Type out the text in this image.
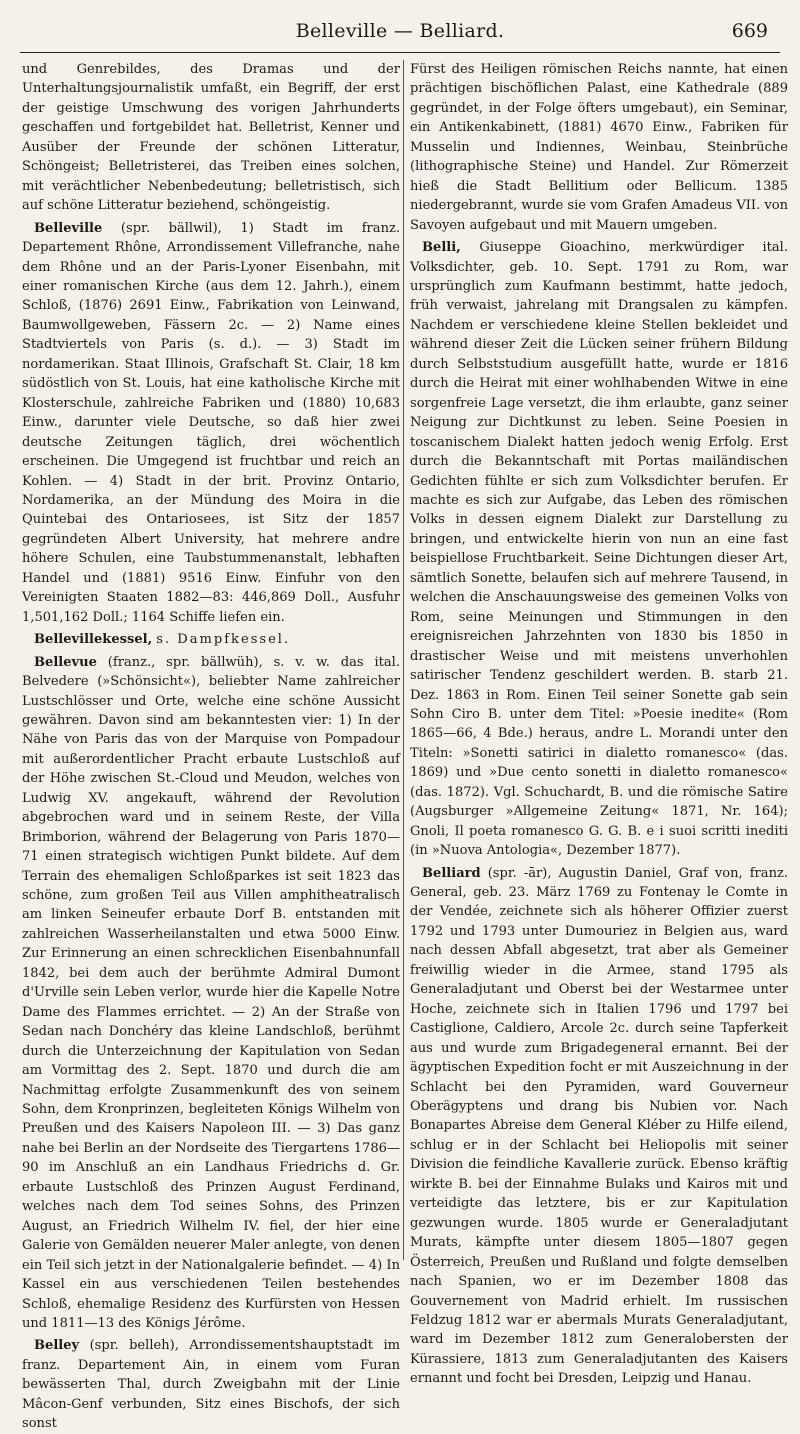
Belleville — Belliard.	669

und Genrebildes, des Dramas und der Unterhaltungsjournalistik umfaßt, ein Begriff, der erst der geistige Umschwung des vorigen Jahrhunderts geschaffen und fortgebildet hat. Belletrist, Kenner und Ausüber der Freunde der schönen Litteratur, Schöngeist; Belletristerei, das Treiben eines solchen, mit verächtlicher Nebenbedeutung; belletristisch, sich auf schöne Litteratur beziehend, schöngeistig.

Belleville (spr. bällwil), 1) Stadt im franz. Departement Rhône, Arrondissement Villefranche, nahe dem Rhône und an der Paris-Lyoner Eisenbahn, mit einer romanischen Kirche (aus dem 12. Jahrh.), einem Schloß, (1876) 2691 Einw., Fabrikation von Leinwand, Baumwollgeweben, Fässern 2c. — 2) Name eines Stadtviertels von Paris (s. d.). — 3) Stadt im nordamerikan. Staat Illinois, Grafschaft St. Clair, 18 km südöstlich von St. Louis, hat eine katholische Kirche mit Klosterschule, zahlreiche Fabriken und (1880) 10,683 Einw., darunter viele Deutsche, so daß hier zwei deutsche Zeitungen täglich, drei wöchentlich erscheinen. Die Umgegend ist fruchtbar und reich an Kohlen. — 4) Stadt in der brit. Provinz Ontario, Nordamerika, an der Mündung des Moira in die Quintebai des Ontariosees, ist Sitz der 1857 gegründeten Albert University, hat mehrere andre höhere Schulen, eine Taubstummenanstalt, lebhaften Handel und (1881) 9516 Einw. Einfuhr von den Vereinigten Staaten 1882—83: 446,869 Doll., Ausfuhr 1,501,162 Doll.; 1164 Schiffe liefen ein.

Bellevillekessel, s. Dampfkessel.

Bellevue (franz., spr. bällwüh), s. v. w. das ital. Belvedere (»Schönsicht«), beliebter Name zahlreicher Lustschlösser und Orte, welche eine schöne Aussicht gewähren. Davon sind am bekanntesten vier: 1) In der Nähe von Paris das von der Marquise von Pompadour mit außerordentlicher Pracht erbaute Lustschloß auf der Höhe zwischen St.-Cloud und Meudon, welches von Ludwig XV. angekauft, während der Revolution abgebrochen ward und in seinem Reste, der Villa Brimborion, während der Belagerung von Paris 1870—71 einen strategisch wichtigen Punkt bildete. Auf dem Terrain des ehemaligen Schloßparkes ist seit 1823 das schöne, zum großen Teil aus Villen amphitheatralisch am linken Seineufer erbaute Dorf B. entstanden mit zahlreichen Wasserheilanstalten und etwa 5000 Einw. Zur Erinnerung an einen schrecklichen Eisenbahnunfall 1842, bei dem auch der berühmte Admiral Dumont d'Urville sein Leben verlor, wurde hier die Kapelle Notre Dame des Flammes errichtet. — 2) An der Straße von Sedan nach Donchéry das kleine Landschloß, berühmt durch die Unterzeichnung der Kapitulation von Sedan am Vormittag des 2. Sept. 1870 und durch die am Nachmittag erfolgte Zusammenkunft des von seinem Sohn, dem Kronprinzen, begleiteten Königs Wilhelm von Preußen und des Kaisers Napoleon III. — 3) Das ganz nahe bei Berlin an der Nordseite des Tiergartens 1786—90 im Anschluß an ein Landhaus Friedrichs d. Gr. erbaute Lustschloß des Prinzen August Ferdinand, welches nach dem Tod seines Sohns, des Prinzen August, an Friedrich Wilhelm IV. fiel, der hier eine Galerie von Gemälden neuerer Maler anlegte, von denen ein Teil sich jetzt in der Nationalgalerie befindet. — 4) In Kassel ein aus verschiedenen Teilen bestehendes Schloß, ehemalige Residenz des Kurfürsten von Hessen und 1811—13 des Königs Jérôme.

Belley (spr. belleh), Arrondissementshauptstadt im franz. Departement Ain, in einem vom Furan bewässerten Thal, durch Zweigbahn mit der Linie Mâcon-Genf verbunden, Sitz eines Bischofs, der sich sonst

Fürst des Heiligen römischen Reichs nannte, hat einen prächtigen bischöflichen Palast, eine Kathedrale (889 gegründet, in der Folge öfters umgebaut), ein Seminar, ein Antikenkabinett, (1881) 4670 Einw., Fabriken für Musselin und Indiennes, Weinbau, Steinbrüche (lithographische Steine) und Handel. Zur Römerzeit hieß die Stadt Bellitium oder Bellicum. 1385 niedergebrannt, wurde sie vom Grafen Amadeus VII. von Savoyen aufgebaut und mit Mauern umgeben.

Belli, Giuseppe Gioachino, merkwürdiger ital. Volksdichter, geb. 10. Sept. 1791 zu Rom, war ursprünglich zum Kaufmann bestimmt, hatte jedoch, früh verwaist, jahrelang mit Drangsalen zu kämpfen. Nachdem er verschiedene kleine Stellen bekleidet und während dieser Zeit die Lücken seiner frühern Bildung durch Selbststudium ausgefüllt hatte, wurde er 1816 durch die Heirat mit einer wohlhabenden Witwe in eine sorgenfreie Lage versetzt, die ihm erlaubte, ganz seiner Neigung zur Dichtkunst zu leben. Seine Poesien in toscanischem Dialekt hatten jedoch wenig Erfolg. Erst durch die Bekanntschaft mit Portas mailändischen Gedichten fühlte er sich zum Volksdichter berufen. Er machte es sich zur Aufgabe, das Leben des römischen Volks in dessen eignem Dialekt zur Darstellung zu bringen, und entwickelte hierin von nun an eine fast beispiellose Fruchtbarkeit. Seine Dichtungen dieser Art, sämtlich Sonette, belaufen sich auf mehrere Tausend, in welchen die Anschauungsweise des gemeinen Volks von Rom, seine Meinungen und Stimmungen in den ereignisreichen Jahrzehnten von 1830 bis 1850 in drastischer Weise und mit meistens unverhohlen satirischer Tendenz geschildert werden. B. starb 21. Dez. 1863 in Rom. Einen Teil seiner Sonette gab sein Sohn Ciro B. unter dem Titel: »Poesie inedite« (Rom 1865—66, 4 Bde.) heraus, andre L. Morandi unter den Titeln: »Sonetti satirici in dialetto romanesco« (das. 1869) und »Due cento sonetti in dialetto romanesco« (das. 1872). Vgl. Schuchardt, B. und die römische Satire (Augsburger »Allgemeine Zeitung« 1871, Nr. 164); Gnoli, Il poeta romanesco G. G. B. e i suoi scritti inediti (in »Nuova Antologia«, Dezember 1877).

Belliard (spr. -ār), Augustin Daniel, Graf von, franz. General, geb. 23. März 1769 zu Fontenay le Comte in der Vendée, zeichnete sich als höherer Offizier zuerst 1792 und 1793 unter Dumouriez in Belgien aus, ward nach dessen Abfall abgesetzt, trat aber als Gemeiner freiwillig wieder in die Armee, stand 1795 als Generaladjutant und Oberst bei der Westarmee unter Hoche, zeichnete sich in Italien 1796 und 1797 bei Castiglione, Caldiero, Arcole 2c. durch seine Tapferkeit aus und wurde zum Brigadegeneral ernannt. Bei der ägyptischen Expedition focht er mit Auszeichnung in der Schlacht bei den Pyramiden, ward Gouverneur Oberägyptens und drang bis Nubien vor. Nach Bonapartes Abreise dem General Kléber zu Hilfe eilend, schlug er in der Schlacht bei Heliopolis mit seiner Division die feindliche Kavallerie zurück. Ebenso kräftig wirkte B. bei der Einnahme Bulaks und Kairos mit und verteidigte das letztere, bis er zur Kapitulation gezwungen wurde. 1805 wurde er Generaladjutant Murats, kämpfte unter diesem 1805—1807 gegen Österreich, Preußen und Rußland und folgte demselben nach Spanien, wo er im Dezember 1808 das Gouvernement von Madrid erhielt. Im russischen Feldzug 1812 war er abermals Murats Generaladjutant, ward im Dezember 1812 zum Generalobersten der Kürassiere, 1813 zum Generaladjutanten des Kaisers ernannt und focht bei Dresden, Leipzig und Hanau.
